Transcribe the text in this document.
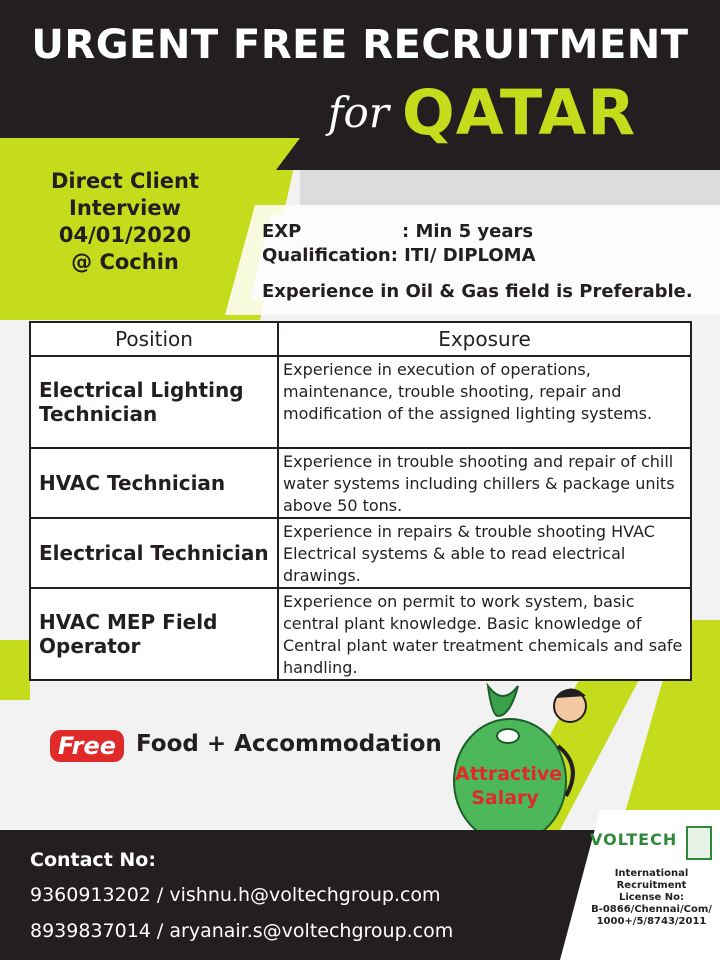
URGENT FREE RECRUITMENT
for QATAR
Direct Client
Interview
04/01/2020
@ Cochin
EXP	: Min 5 years
Qualification: ITI/ DIPLOMA
Experience in Oil & Gas field is Preferable.
Position	Exposure
Electrical Lighting Technician	Experience in execution of operations, maintenance, trouble shooting, repair and modification of the assigned lighting systems.
HVAC Technician	Experience in trouble shooting and repair of chill water systems including chillers & package units above 50 tons.
Electrical Technician	Experience in repairs & trouble shooting HVAC Electrical systems & able to read electrical drawings.
HVAC MEP Field Operator	Experience on permit to work system, basic central plant knowledge. Basic knowledge of Central plant water treatment chemicals and safe handling.
Free Food + Accommodation
Attractive
Salary
Contact No:
9360913202 / vishnu.h@voltechgroup.com
8939837014 / aryanair.s@voltechgroup.com
VOLTECH
International Recruitment
License No:
B-0866/Chennai/Com/
1000+/5/8743/2011
